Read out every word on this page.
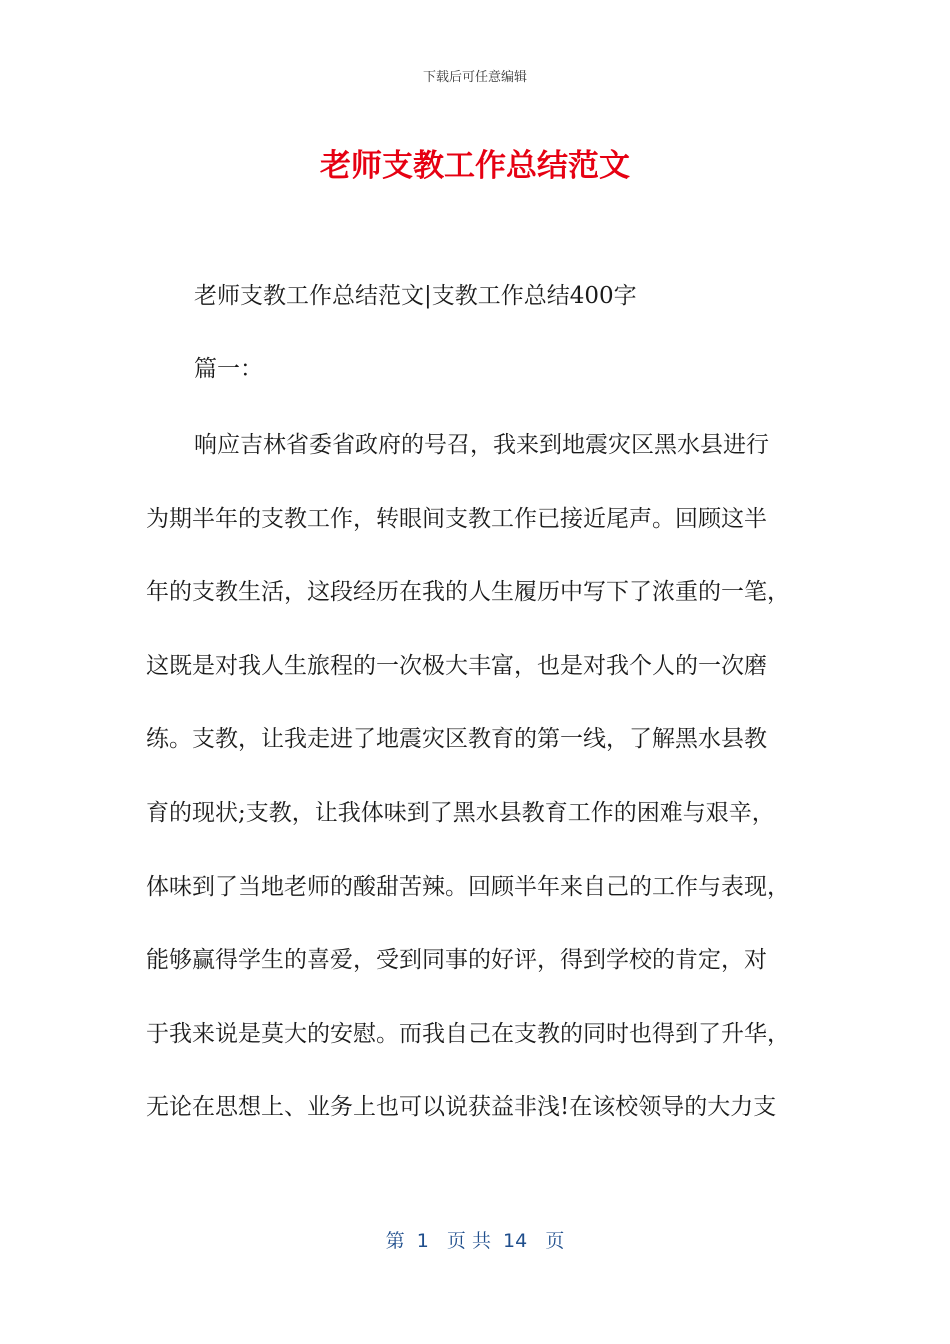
下载后可任意编辑
老师支教工作总结范文
老师支教工作总结范文|支教工作总结400字
篇一：
响应吉林省委省政府的号召，我来到地震灾区黑水县进行
为期半年的支教工作，转眼间支教工作已接近尾声。回顾这半
年的支教生活，这段经历在我的人生履历中写下了浓重的一笔，
这既是对我人生旅程的一次极大丰富，也是对我个人的一次磨
练。支教，让我走进了地震灾区教育的第一线，了解黑水县教
育的现状;支教，让我体味到了黑水县教育工作的困难与艰辛，
体味到了当地老师的酸甜苦辣。回顾半年来自己的工作与表现，
能够赢得学生的喜爱，受到同事的好评，得到学校的肯定，对
于我来说是莫大的安慰。而我自己在支教的同时也得到了升华，
无论在思想上、业务上也可以说获益非浅!在该校领导的大力支
第  1   页 共  14   页
